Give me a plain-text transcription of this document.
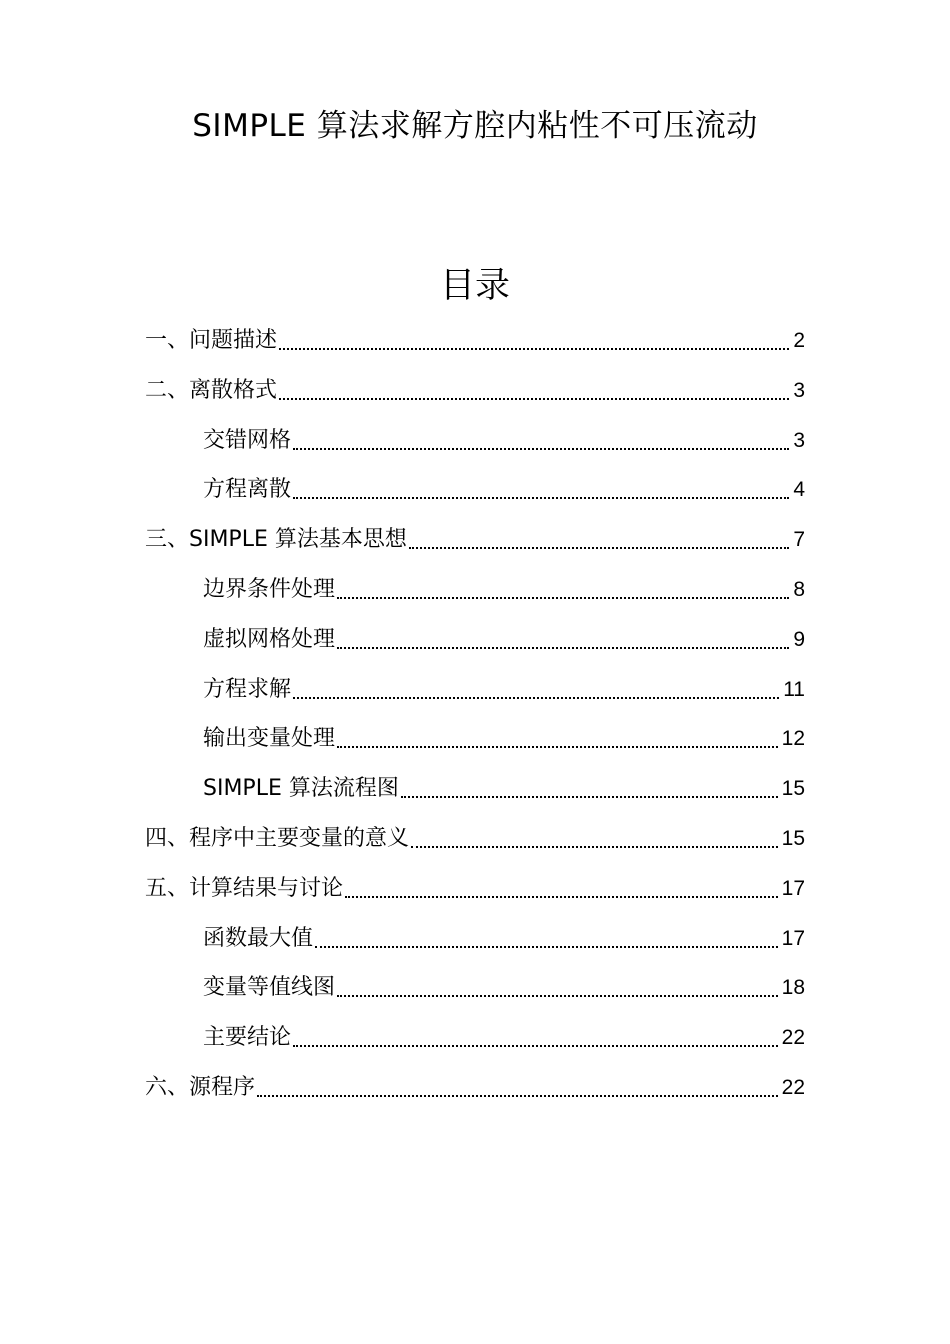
SIMPLE 算法求解方腔内粘性不可压流动
目录
一、问题描述	2
二、离散格式	3
交错网格	3
方程离散	4
三、SIMPLE 算法基本思想	7
边界条件处理	8
虚拟网格处理	9
方程求解	11
输出变量处理	12
SIMPLE 算法流程图	15
四、程序中主要变量的意义	15
五、计算结果与讨论	17
函数最大值	17
变量等值线图	18
主要结论	22
六、源程序	22
